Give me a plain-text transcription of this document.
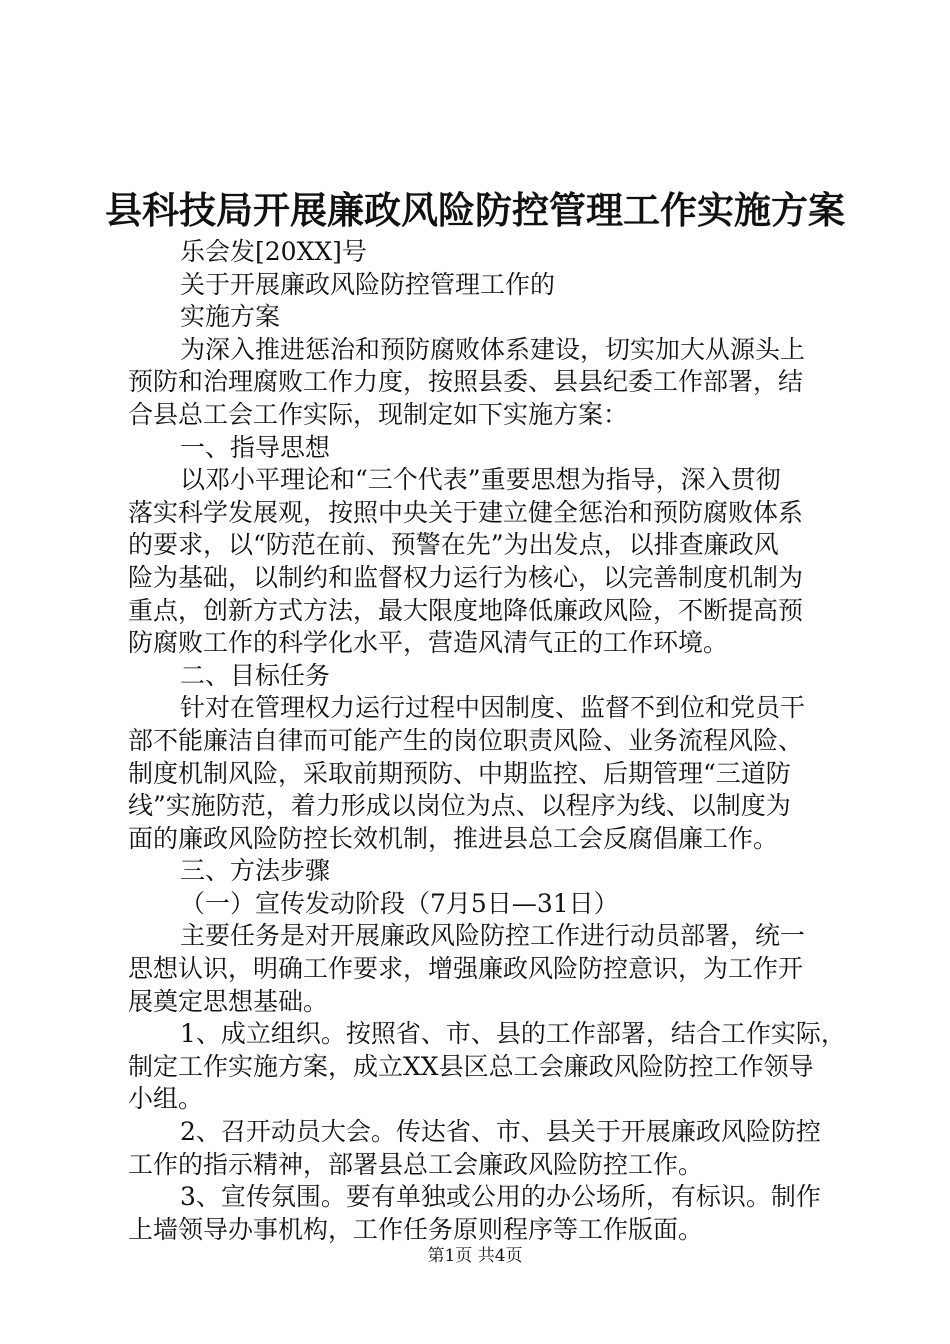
县科技局开展廉政风险防控管理工作实施方案
乐会发[20XX]号
关于开展廉政风险防控管理工作的
实施方案
为深入推进惩治和预防腐败体系建设，切实加大从源头上
预防和治理腐败工作力度，按照县委、县县纪委工作部署，结
合县总工会工作实际，现制定如下实施方案：
一、指导思想
以邓小平理论和“三个代表”重要思想为指导，深入贯彻
落实科学发展观，按照中央关于建立健全惩治和预防腐败体系
的要求，以“防范在前、预警在先”为出发点，以排查廉政风
险为基础，以制约和监督权力运行为核心，以完善制度机制为
重点，创新方式方法，最大限度地降低廉政风险，不断提高预
防腐败工作的科学化水平，营造风清气正的工作环境。
二、目标任务
针对在管理权力运行过程中因制度、监督不到位和党员干
部不能廉洁自律而可能产生的岗位职责风险、业务流程风险、
制度机制风险，采取前期预防、中期监控、后期管理“三道防
线”实施防范，着力形成以岗位为点、以程序为线、以制度为
面的廉政风险防控长效机制，推进县总工会反腐倡廉工作。
三、方法步骤
（一）宣传发动阶段（7月5日—31日）
主要任务是对开展廉政风险防控工作进行动员部署，统一
思想认识，明确工作要求，增强廉政风险防控意识，为工作开
展奠定思想基础。
1、成立组织。按照省、市、县的工作部署，结合工作实际，
制定工作实施方案，成立XX县区总工会廉政风险防控工作领导
小组。
2、召开动员大会。传达省、市、县关于开展廉政风险防控
工作的指示精神，部署县总工会廉政风险防控工作。
3、宣传氛围。要有单独或公用的办公场所，有标识。制作
上墙领导办事机构，工作任务原则程序等工作版面。
第1页 共4页
